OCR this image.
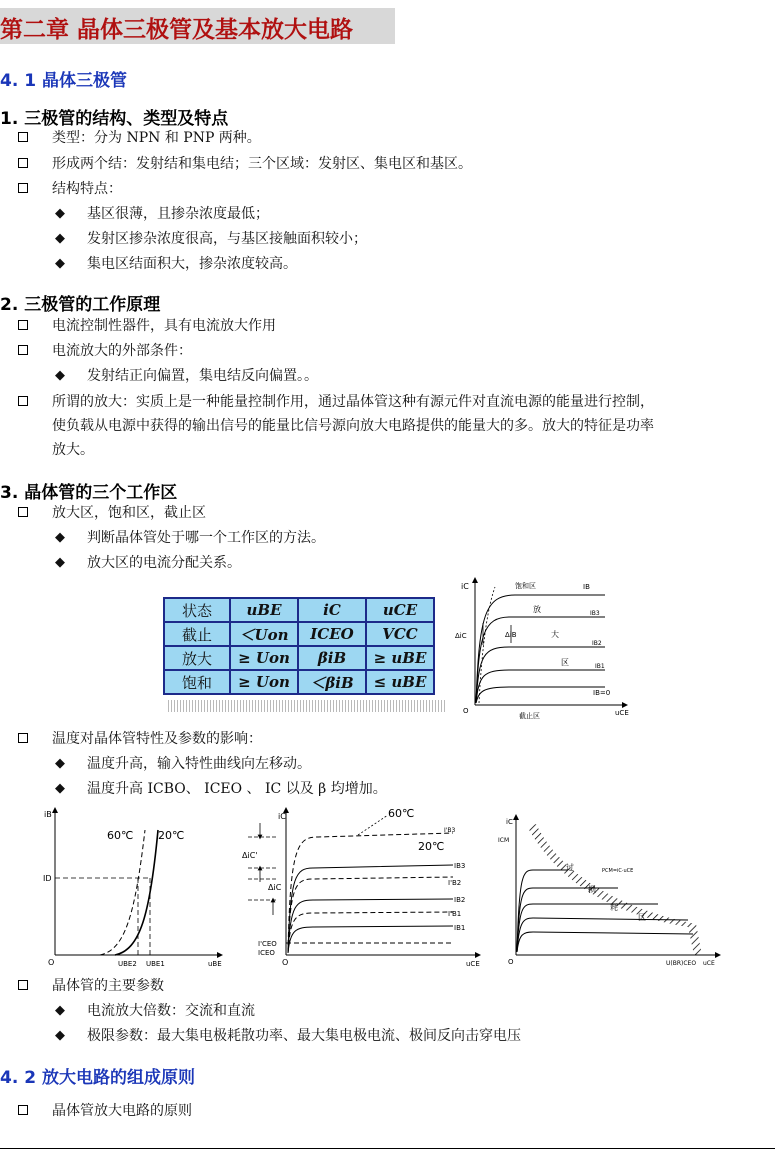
第二章 晶体三极管及基本放大电路
4. 1 晶体三极管
1. 三极管的结构、类型及特点
类型：分为 NPN 和 PNP 两种。
形成两个结：发射结和集电结；三个区域：发射区、集电区和基区。
结构特点：
◆ 基区很薄，且掺杂浓度最低；
◆ 发射区掺杂浓度很高，与基区接触面积较小；
◆ 集电区结面积大，掺杂浓度较高。
2. 三极管的工作原理
电流控制性器件，具有电流放大作用
电流放大的外部条件：
◆ 发射结正向偏置，集电结反向偏置。。
所谓的放大：实质上是一种能量控制作用，通过晶体管这种有源元件对直流电源的能量进行控制，
使负载从电源中获得的输出信号的能量比信号源向放大电路提供的能量大的多。放大的特征是功率
放大。
3. 晶体管的三个工作区
放大区，饱和区，截止区
◆ 判断晶体管处于哪一个工作区的方法。
◆ 放大区的电流分配关系。
状态	uBE	iC	uCE
截止	＜Uon	ICEO	VCC
放大	≥ Uon	βiB	≥ uBE
饱和	≥ Uon	＜βiB	≤ uBE
iC	饱和区	IB
放
大
区
ΔiC	ΔiB
IB3
IB2
IB1
IB=0
O
截止区	uCE
温度对晶体管特性及参数的影响：
◆ 温度升高，输入特性曲线向左移动。
◆ 温度升高 ICBO、 ICEO 、 IC 以及 β 均增加。
iB
60℃ 20℃
ID
O	UBE2 UBE1	uBE
iC	60℃
20℃
ΔiC'
ΔiC
I'B3
IB3
I'B2
IB2
I'B1
IB1
I'CEO
ICEO
O	uCE
iC
ICM
过
损
耗
区
PCM=iC·uCE
O	U(BR)CEO uCE
晶体管的主要参数
◆ 电流放大倍数：交流和直流
◆ 极限参数：最大集电极耗散功率、最大集电极电流、极间反向击穿电压
4. 2 放大电路的组成原则
晶体管放大电路的原则
